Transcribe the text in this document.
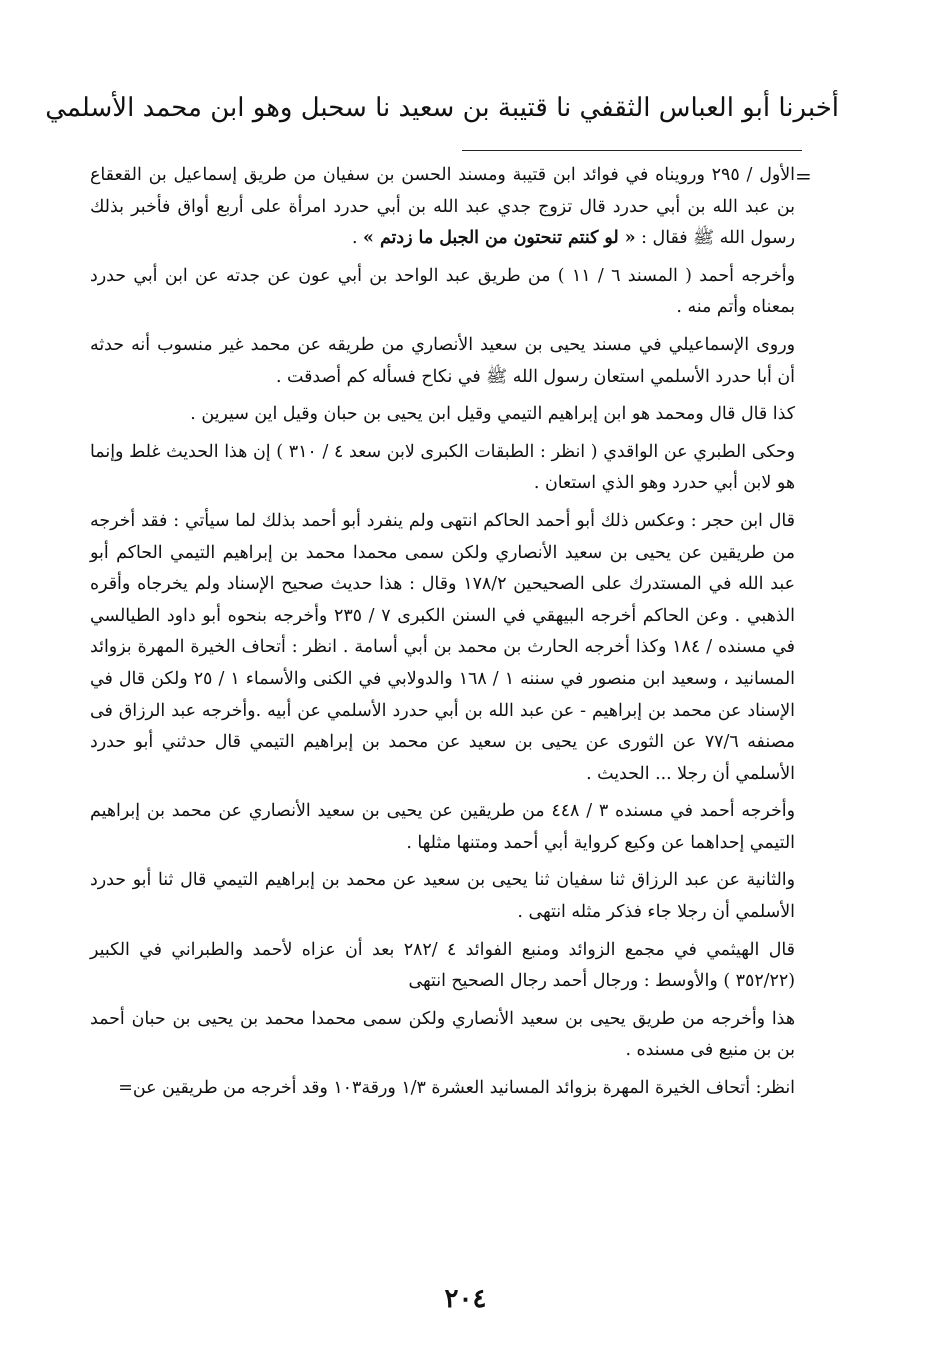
أخبرنا أبو العباس الثقفي نا قتيبة بن سعيد نا سحبل وهو ابن محمد الأسلمي
=

الأول / ٢٩٥ ورويناه في فوائد ابن قتيبة ومسند الحسن بن سفيان من طريق إسماعيل بن القعقاع بن عبد الله بن أبي حدرد قال تزوج جدي عبد الله بن أبي حدرد امرأة على أربع أواق فأخبر بذلك رسول الله ﷺ فقال : « لو كنتم تنحتون من الجبل ما زدتم » .

وأخرجه أحمد ( المسند ٦ / ١١ ) من طريق عبد الواحد بن أبي عون عن جدته عن ابن أبي حدرد بمعناه وأتم منه .

وروى الإسماعيلي في مسند يحيى بن سعيد الأنصاري من طريقه عن محمد غير منسوب أنه حدثه أن أبا حدرد الأسلمي استعان رسول الله ﷺ في نكاح فسأله كم أصدقت .

كذا قال قال ومحمد هو ابن إبراهيم التيمي وقيل ابن يحيى بن حبان وقيل اين سيرين .

وحكى الطبري عن الواقدي ( انظر : الطبقات الكبرى لابن سعد ٤ / ٣١٠ ) إن هذا الحديث غلط وإنما هو لابن أبي حدرد وهو الذي استعان .

قال ابن حجر : وعكس ذلك أبو أحمد الحاكم انتهى ولم ينفرد أبو أحمد بذلك لما سيأتي : فقد أخرجه من طريقين عن يحيى بن سعيد الأنصاري ولكن سمى محمدا محمد بن إبراهيم التيمي الحاكم أبو عبد الله في المستدرك على الصحيحين ١٧٨/٢ وقال : هذا حديث صحيح الإسناد ولم يخرجاه وأقره الذهبي . وعن الحاكم أخرجه البيهقي في السنن الكبرى ٧ / ٢٣٥ وأخرجه بنحوه أبو داود الطيالسي في مسنده / ١٨٤ وكذا أخرجه الحارث بن محمد بن أبي أسامة . انظر : أتحاف الخيرة المهرة بزوائد المسانيد ، وسعيد ابن منصور في سننه ١ / ١٦٨ والدولابي في الكنى والأسماء ١ / ٢٥ ولكن قال في الإسناد عن محمد بن إبراهيم - عن عبد الله بن أبي حدرد الأسلمي عن أبيه .وأخرجه عبد الرزاق فى مصنفه ٧٧/٦ عن الثورى عن يحيى بن سعيد عن محمد بن إبراهيم التيمي قال حدثني أبو حدرد الأسلمي أن رجلا ... الحديث .

وأخرجه أحمد في مسنده ٣ / ٤٤٨ من طريقين عن يحيى بن سعيد الأنصاري عن محمد بن إبراهيم التيمي إحداهما عن وكيع كرواية أبي أحمد ومتنها مثلها .

والثانية عن عبد الرزاق ثنا سفيان ثنا يحيى بن سعيد عن محمد بن إبراهيم التيمي قال ثنا أبو حدرد الأسلمي أن رجلا جاء فذكر مثله انتهى .

قال الهيثمي في مجمع الزوائد ومنبع الفوائد ٤ /٢٨٢ بعد أن عزاه لأحمد والطبراني في الكبير (٣٥٢/٢٢ ) والأوسط : ورجال أحمد رجال الصحيح انتهى

هذا وأخرجه من طريق يحيى بن سعيد الأنصاري ولكن سمى محمدا محمد بن يحيى بن حبان أحمد بن بن منيع فى مسنده .

انظر: أتحاف الخيرة المهرة بزوائد المسانيد العشرة ١/٣ ورقة١٠٣ وقد أخرجه من طريقين عن=

٢٠٤
